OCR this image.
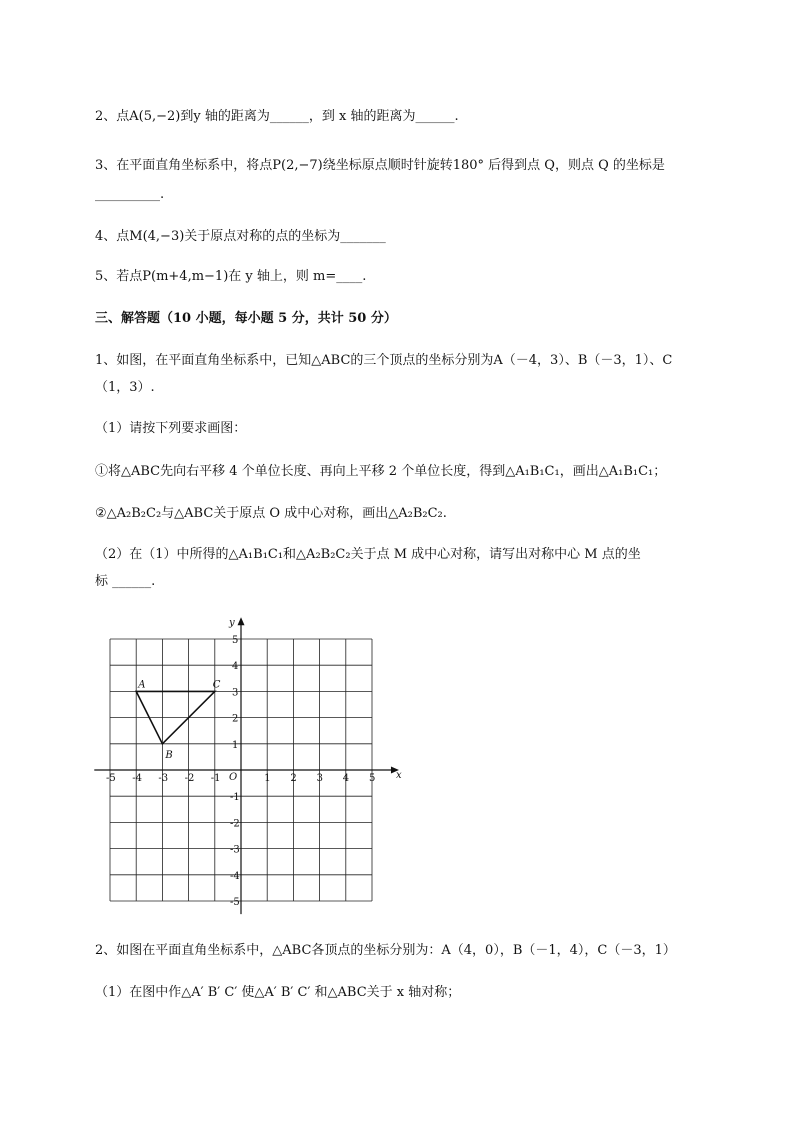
2、点A(5,−2)到y 轴的距离为______，到 x 轴的距离为______.
3、在平面直角坐标系中，将点P(2,−7)绕坐标原点顺时针旋转180° 后得到点 Q，则点 Q 的坐标是
__________.
4、点M(4,−3)关于原点对称的点的坐标为_______
5、若点P(m+4,m−1)在 y 轴上，则 m=____.
三、解答题（10 小题，每小题 5 分，共计 50 分）
1、如图，在平面直角坐标系中，已知△ABC的三个顶点的坐标分别为A（－4，3）、B（－3，1）、C
（1，3）.
（1）请按下列要求画图：
①将△ABC先向右平移 4 个单位长度、再向上平移 2 个单位长度，得到△A₁B₁C₁，画出△A₁B₁C₁；
②△A₂B₂C₂与△ABC关于原点 O 成中心对称，画出△A₂B₂C₂.
（2）在（1）中所得的△A₁B₁C₁和△A₂B₂C₂关于点 M 成中心对称，请写出对称中心 M 点的坐
标 ______.
x
y
O
-5 -4 -3 -2 -1	1 2 3 4 5
5
4
3
2
1
-1
-2
-3
-4
-5
A
B
C
2、如图在平面直角坐标系中，△ABC各顶点的坐标分别为：A（4，0），B（－1，4），C（－3，1）
（1）在图中作△A′ B′ C′ 使△A′ B′ C′ 和△ABC关于 x 轴对称；
